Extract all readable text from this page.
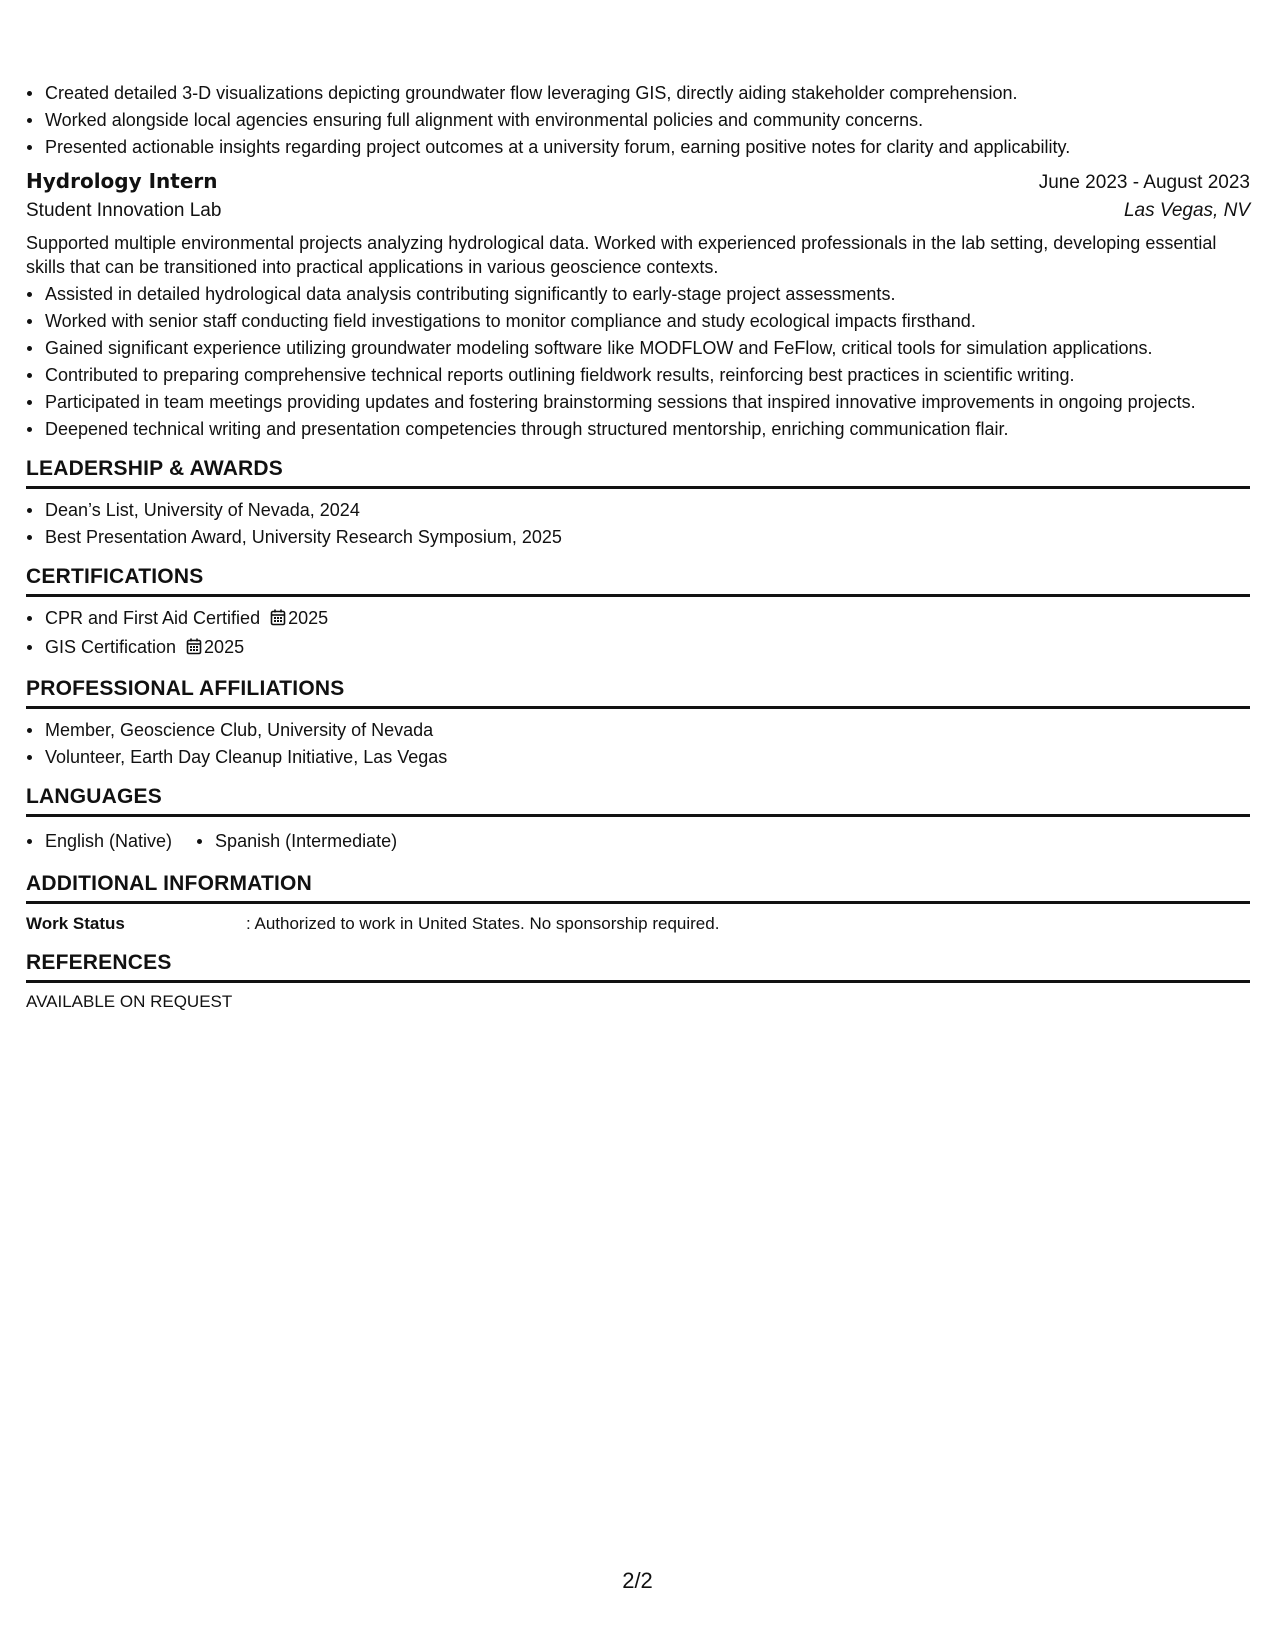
Created detailed 3-D visualizations depicting groundwater flow leveraging GIS, directly aiding stakeholder comprehension.
Worked alongside local agencies ensuring full alignment with environmental policies and community concerns.
Presented actionable insights regarding project outcomes at a university forum, earning positive notes for clarity and applicability.
Hydrology Intern	June 2023 - August 2023
Student Innovation Lab	Las Vegas, NV
Supported multiple environmental projects analyzing hydrological data. Worked with experienced professionals in the lab setting, developing essential skills that can be transitioned into practical applications in various geoscience contexts.
Assisted in detailed hydrological data analysis contributing significantly to early-stage project assessments.
Worked with senior staff conducting field investigations to monitor compliance and study ecological impacts firsthand.
Gained significant experience utilizing groundwater modeling software like MODFLOW and FeFlow, critical tools for simulation applications.
Contributed to preparing comprehensive technical reports outlining fieldwork results, reinforcing best practices in scientific writing.
Participated in team meetings providing updates and fostering brainstorming sessions that inspired innovative improvements in ongoing projects.
Deepened technical writing and presentation competencies through structured mentorship, enriching communication flair.
LEADERSHIP & AWARDS
Dean’s List, University of Nevada, 2024
Best Presentation Award, University Research Symposium, 2025
CERTIFICATIONS
CPR and First Aid Certified 2025
GIS Certification 2025
PROFESSIONAL AFFILIATIONS
Member, Geoscience Club, University of Nevada
Volunteer, Earth Day Cleanup Initiative, Las Vegas
LANGUAGES
English (Native)	Spanish (Intermediate)
ADDITIONAL INFORMATION
Work Status	: Authorized to work in United States. No sponsorship required.
REFERENCES
AVAILABLE ON REQUEST
2/2
